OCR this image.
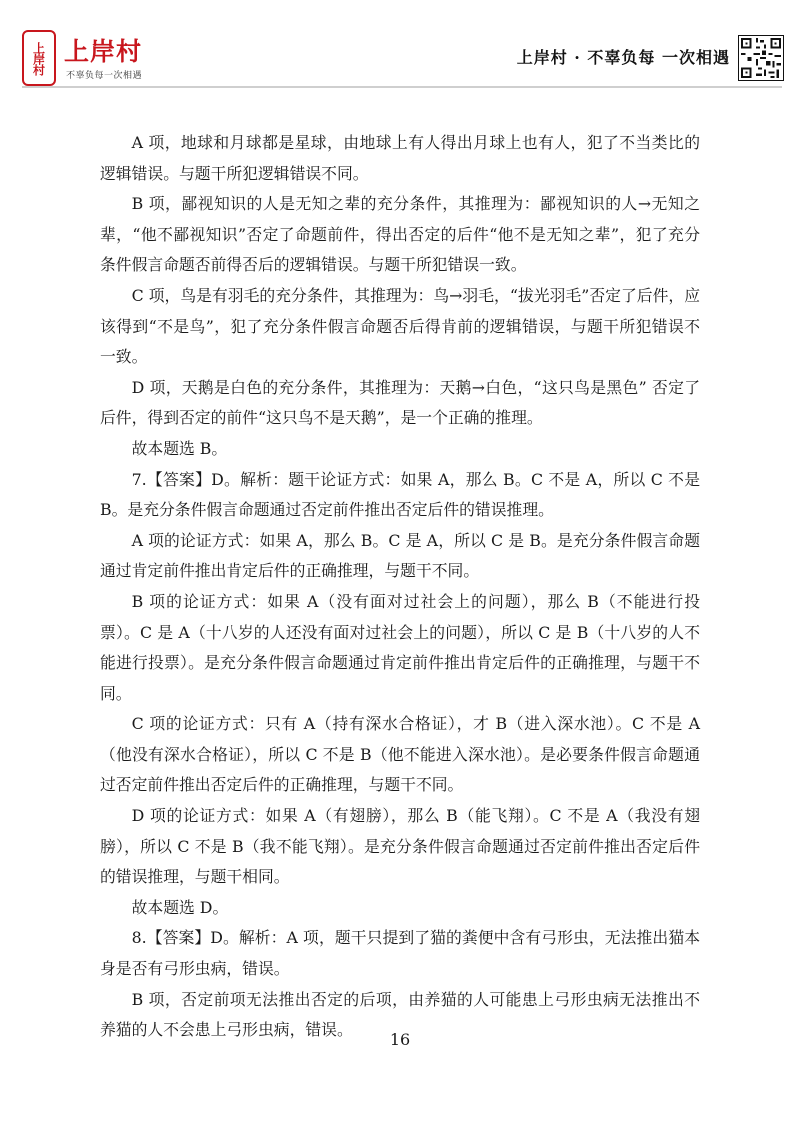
上岸村 上岸村
不辜负每一次相遇
上岸村 · 不辜负每 一次相遇

A 项，地球和月球都是星球，由地球上有人得出月球上也有人，犯了不当类比的逻辑错误。与题干所犯逻辑错误不同。

B 项，鄙视知识的人是无知之辈的充分条件，其推理为：鄙视知识的人→无知之辈，“他不鄙视知识”否定了命题前件，得出否定的后件“他不是无知之辈”，犯了充分条件假言命题否前得否后的逻辑错误。与题干所犯错误一致。

C 项，鸟是有羽毛的充分条件，其推理为：鸟→羽毛，“拔光羽毛”否定了后件，应该得到“不是鸟”，犯了充分条件假言命题否后得肯前的逻辑错误，与题干所犯错误不一致。

D 项，天鹅是白色的充分条件，其推理为：天鹅→白色，“这只鸟是黑色” 否定了后件，得到否定的前件“这只鸟不是天鹅”，是一个正确的推理。

故本题选 B。

7.【答案】D。解析：题干论证方式：如果 A，那么 B。C 不是 A，所以 C 不是 B。是充分条件假言命题通过否定前件推出否定后件的错误推理。

A 项的论证方式：如果 A，那么 B。C 是 A，所以 C 是 B。是充分条件假言命题通过肯定前件推出肯定后件的正确推理，与题干不同。

B 项的论证方式：如果 A（没有面对过社会上的问题），那么 B（不能进行投票）。C 是 A（十八岁的人还没有面对过社会上的问题），所以 C 是 B（十八岁的人不能进行投票）。是充分条件假言命题通过肯定前件推出肯定后件的正确推理，与题干不同。

C 项的论证方式：只有 A（持有深水合格证），才 B（进入深水池）。C 不是 A（他没有深水合格证），所以 C 不是 B（他不能进入深水池）。是必要条件假言命题通过否定前件推出否定后件的正确推理，与题干不同。

D 项的论证方式：如果 A（有翅膀），那么 B（能飞翔）。C 不是 A（我没有翅膀），所以 C 不是 B（我不能飞翔）。是充分条件假言命题通过否定前件推出否定后件的错误推理，与题干相同。

故本题选 D。

8.【答案】D。解析：A 项，题干只提到了猫的粪便中含有弓形虫，无法推出猫本身是否有弓形虫病，错误。

B 项，否定前项无法推出否定的后项，由养猫的人可能患上弓形虫病无法推出不养猫的人不会患上弓形虫病，错误。

16
